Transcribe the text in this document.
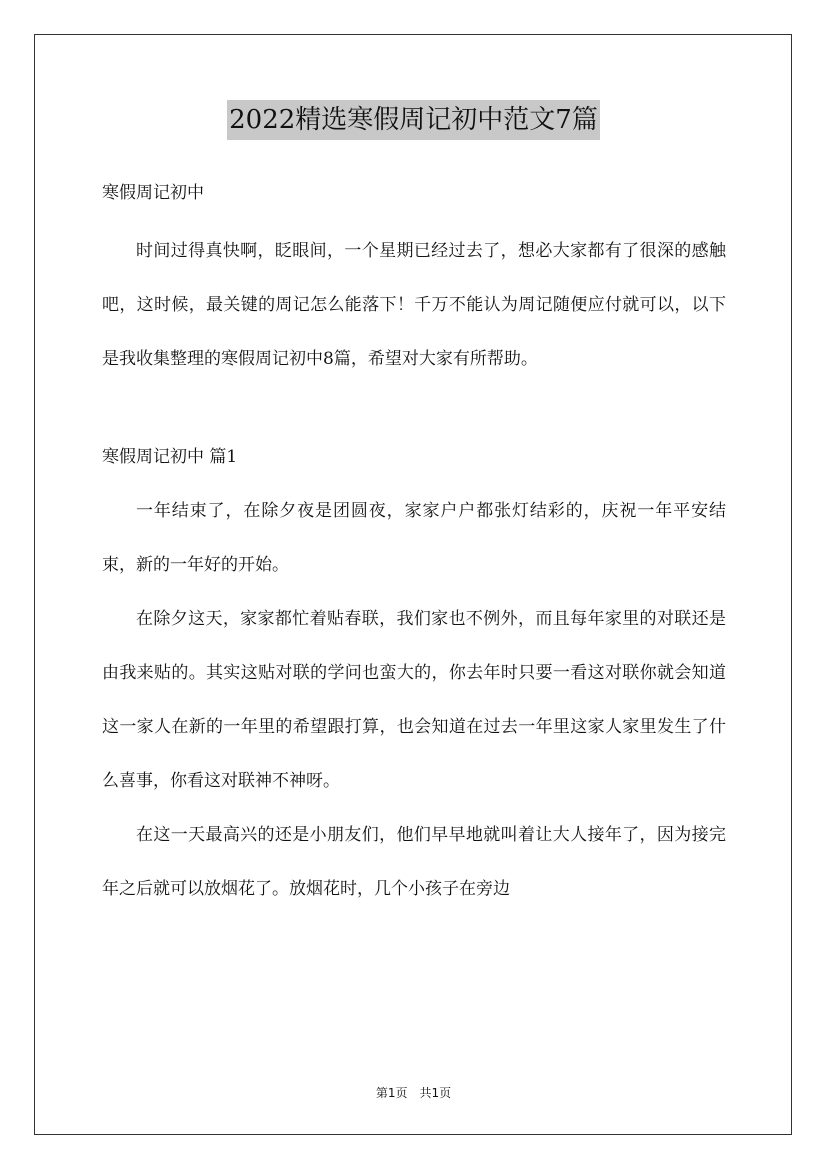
2022精选寒假周记初中范文7篇

寒假周记初中

时间过得真快啊，眨眼间，一个星期已经过去了，想必大家都有了很深的感触吧，这时候，最关键的周记怎么能落下！千万不能认为周记随便应付就可以，以下是我收集整理的寒假周记初中8篇，希望对大家有所帮助。

寒假周记初中 篇1

一年结束了，在除夕夜是团圆夜，家家户户都张灯结彩的，庆祝一年平安结束，新的一年好的开始。

在除夕这天，家家都忙着贴春联，我们家也不例外，而且每年家里的对联还是由我来贴的。其实这贴对联的学问也蛮大的，你去年时只要一看这对联你就会知道这一家人在新的一年里的希望跟打算，也会知道在过去一年里这家人家里发生了什么喜事，你看这对联神不神呀。

在这一天最高兴的还是小朋友们，他们早早地就叫着让大人接年了，因为接完年之后就可以放烟花了。放烟花时，几个小孩子在旁边

第1页　共1页
